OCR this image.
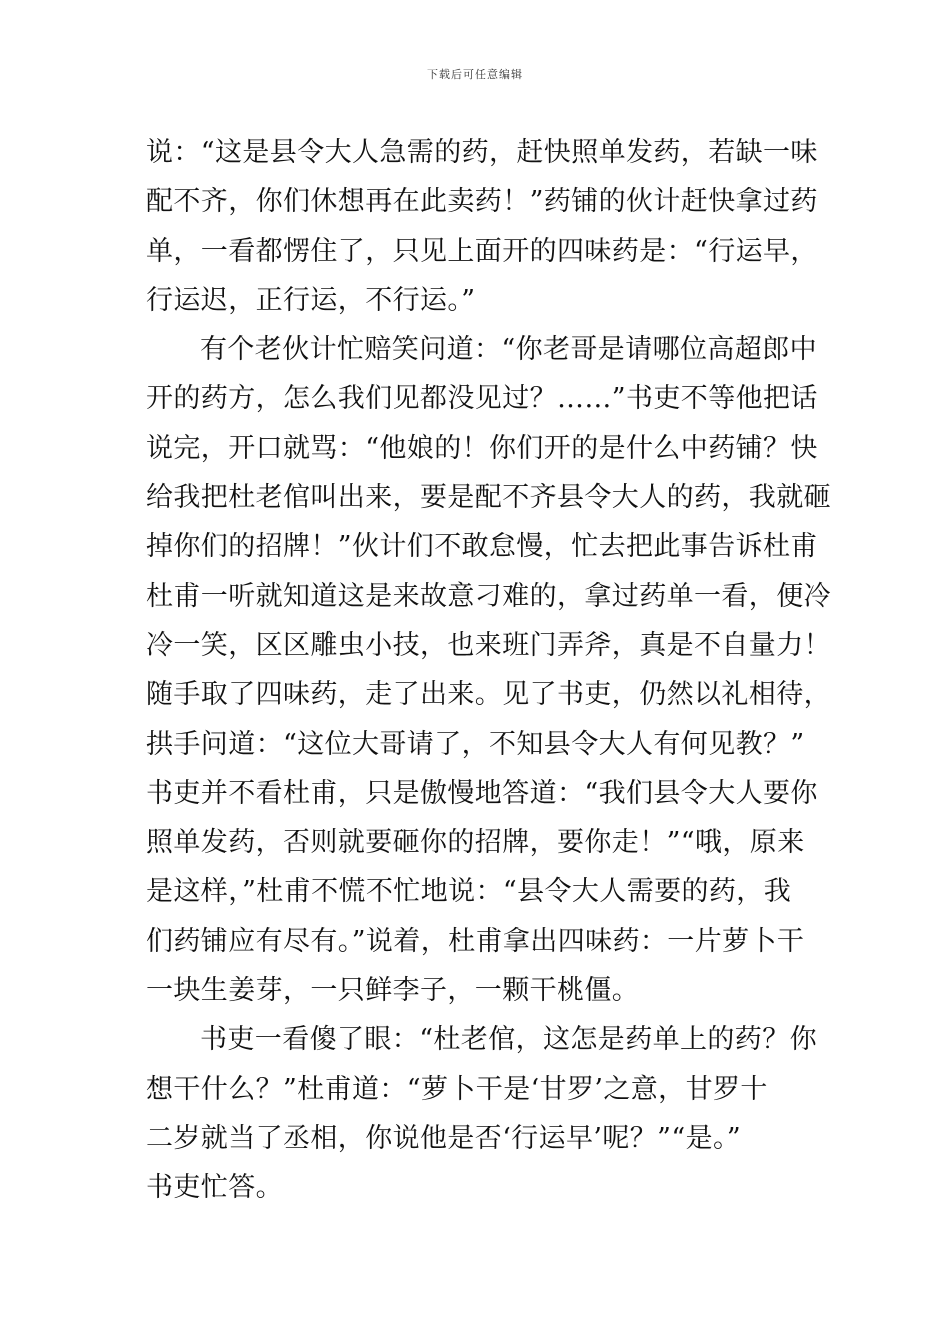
下载后可任意编辑
说：“这是县令大人急需的药，赶快照单发药，若缺一味
配不齐，你们休想再在此卖药！”药铺的伙计赶快拿过药
单，一看都愣住了，只见上面开的四味药是：“行运早，
行运迟，正行运，不行运。”
有个老伙计忙赔笑问道：“你老哥是请哪位高超郎中
开的药方，怎么我们见都没见过？……”书吏不等他把话
说完，开口就骂：“他娘的！你们开的是什么中药铺？快
给我把杜老倌叫出来，要是配不齐县令大人的药，我就砸
掉你们的招牌！”伙计们不敢怠慢，忙去把此事告诉杜甫
杜甫一听就知道这是来故意刁难的，拿过药单一看，便冷
冷一笑，区区雕虫小技，也来班门弄斧，真是不自量力！
随手取了四味药，走了出来。见了书吏，仍然以礼相待，
拱手问道：“这位大哥请了，不知县令大人有何见教？”
书吏并不看杜甫，只是傲慢地答道：“我们县令大人要你
照单发药，否则就要砸你的招牌，要你走！”“哦，原来
是这样，”杜甫不慌不忙地说：“县令大人需要的药，我
们药铺应有尽有。”说着，杜甫拿出四味药：一片萝卜干
一块生姜芽，一只鲜李子，一颗干桃僵。
书吏一看傻了眼：“杜老倌，这怎是药单上的药？你
想干什么？”杜甫道：“萝卜干是‘甘罗’之意，甘罗十
二岁就当了丞相，你说他是否‘行运早’呢？”“是。”
书吏忙答。
